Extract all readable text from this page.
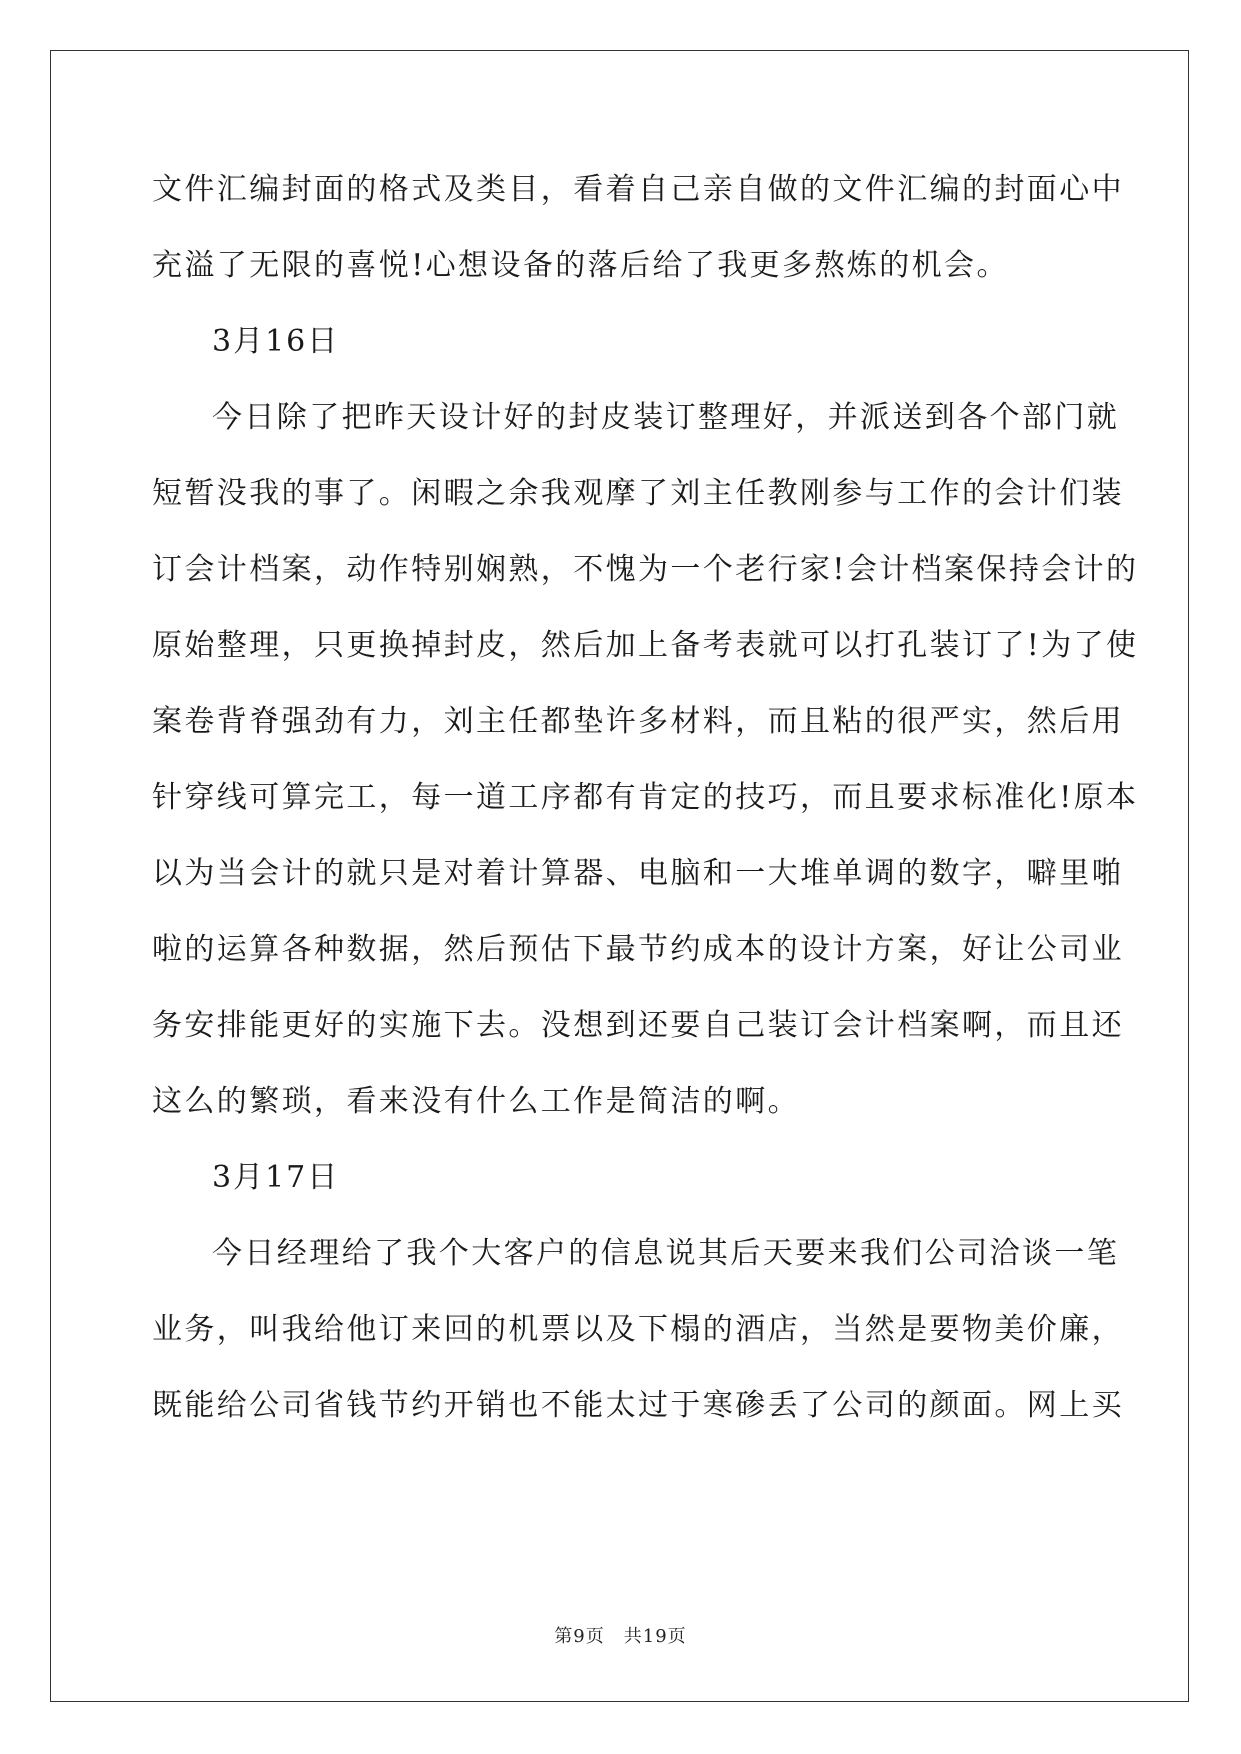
文件汇编封面的格式及类目，看着自己亲自做的文件汇编的封面心中
充溢了无限的喜悦!心想设备的落后给了我更多熬炼的机会。
3月16日
今日除了把昨天设计好的封皮装订整理好，并派送到各个部门就
短暂没我的事了。闲暇之余我观摩了刘主任教刚参与工作的会计们装
订会计档案，动作特别娴熟，不愧为一个老行家!会计档案保持会计的
原始整理，只更换掉封皮，然后加上备考表就可以打孔装订了!为了使
案卷背脊强劲有力，刘主任都垫许多材料，而且粘的很严实，然后用
针穿线可算完工，每一道工序都有肯定的技巧，而且要求标准化!原本
以为当会计的就只是对着计算器、电脑和一大堆单调的数字，噼里啪
啦的运算各种数据，然后预估下最节约成本的设计方案，好让公司业
务安排能更好的实施下去。没想到还要自己装订会计档案啊，而且还
这么的繁琐，看来没有什么工作是简洁的啊。
3月17日
今日经理给了我个大客户的信息说其后天要来我们公司洽谈一笔
业务，叫我给他订来回的机票以及下榻的酒店，当然是要物美价廉，
既能给公司省钱节约开销也不能太过于寒碜丢了公司的颜面。网上买
第9页　共19页
